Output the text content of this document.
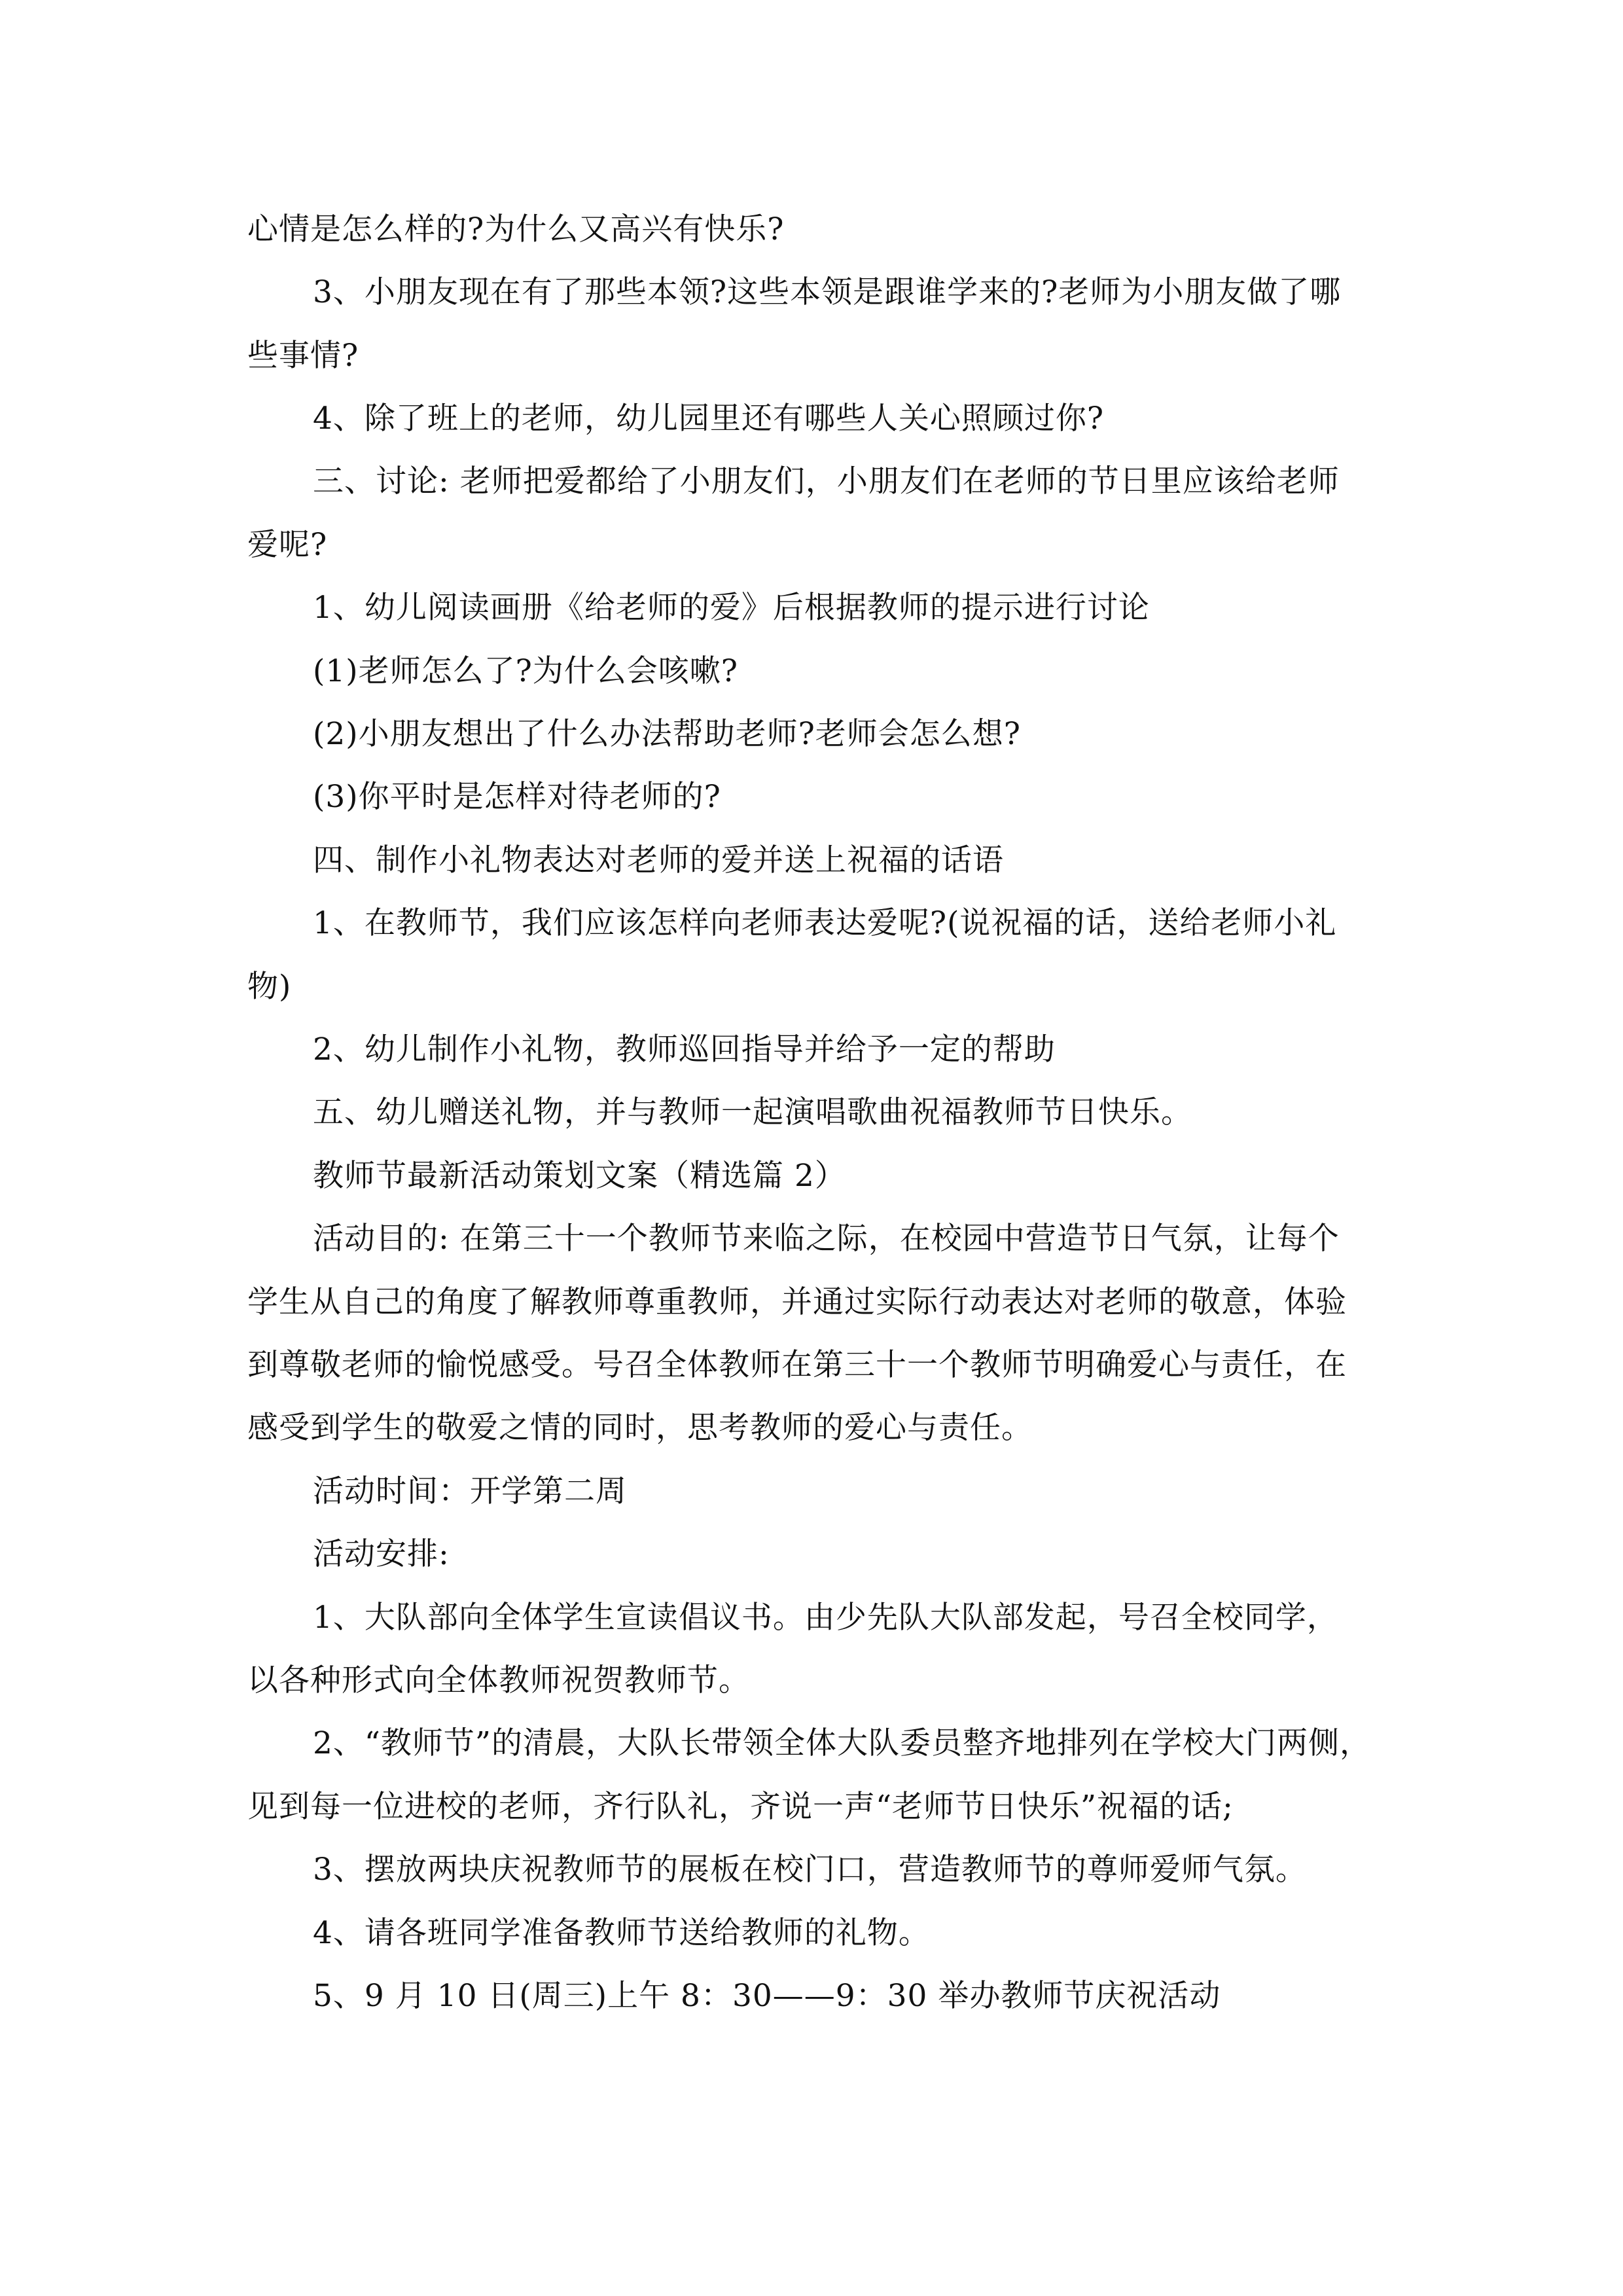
心情是怎么样的?为什么又高兴有快乐?
3、小朋友现在有了那些本领?这些本领是跟谁学来的?老师为小朋友做了哪
些事情?
4、除了班上的老师，幼儿园里还有哪些人关心照顾过你?
三、讨论: 老师把爱都给了小朋友们，小朋友们在老师的节日里应该给老师
爱呢?
1、幼儿阅读画册《给老师的爱》后根据教师的提示进行讨论
(1)老师怎么了?为什么会咳嗽?
(2)小朋友想出了什么办法帮助老师?老师会怎么想?
(3)你平时是怎样对待老师的?
四、制作小礼物表达对老师的爱并送上祝福的话语
1、在教师节，我们应该怎样向老师表达爱呢?(说祝福的话，送给老师小礼
物)
2、幼儿制作小礼物，教师巡回指导并给予一定的帮助
五、幼儿赠送礼物，并与教师一起演唱歌曲祝福教师节日快乐。
教师节最新活动策划文案（精选篇 2）
活动目的: 在第三十一个教师节来临之际，在校园中营造节日气氛，让每个
学生从自己的角度了解教师尊重教师，并通过实际行动表达对老师的敬意，体验
到尊敬老师的愉悦感受。号召全体教师在第三十一个教师节明确爱心与责任，在
感受到学生的敬爱之情的同时，思考教师的爱心与责任。
活动时间：开学第二周
活动安排:
1、大队部向全体学生宣读倡议书。由少先队大队部发起，号召全校同学，
以各种形式向全体教师祝贺教师节。
2、“教师节”的清晨，大队长带领全体大队委员整齐地排列在学校大门两侧，
见到每一位进校的老师，齐行队礼，齐说一声“老师节日快乐”祝福的话;
3、摆放两块庆祝教师节的展板在校门口，营造教师节的尊师爱师气氛。
4、请各班同学准备教师节送给教师的礼物。
5、9 月 10 日(周三)上午 8：30——9：30 举办教师节庆祝活动
